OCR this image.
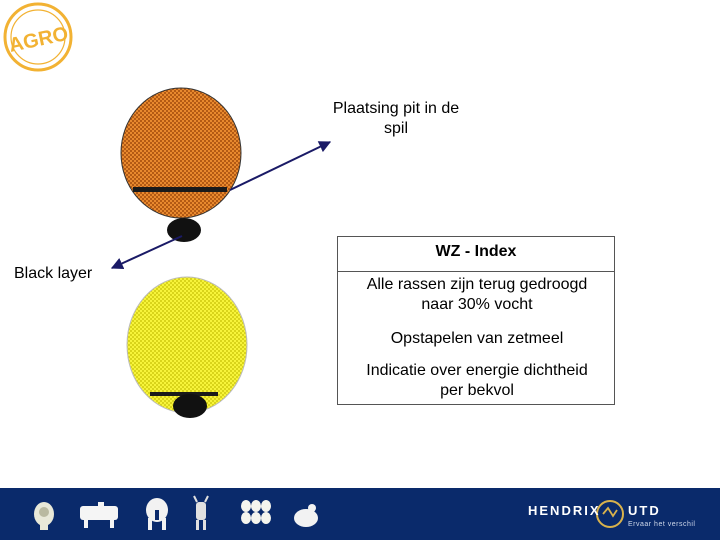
AGRO
Plaatsing pit in de
spil
Black layer
WZ - Index
Alle rassen zijn terug gedroogd
naar 30% vocht
Opstapelen van zetmeel
Indicatie over energie dichtheid
per bekvol
HENDRIX UTD
Ervaar het verschil
